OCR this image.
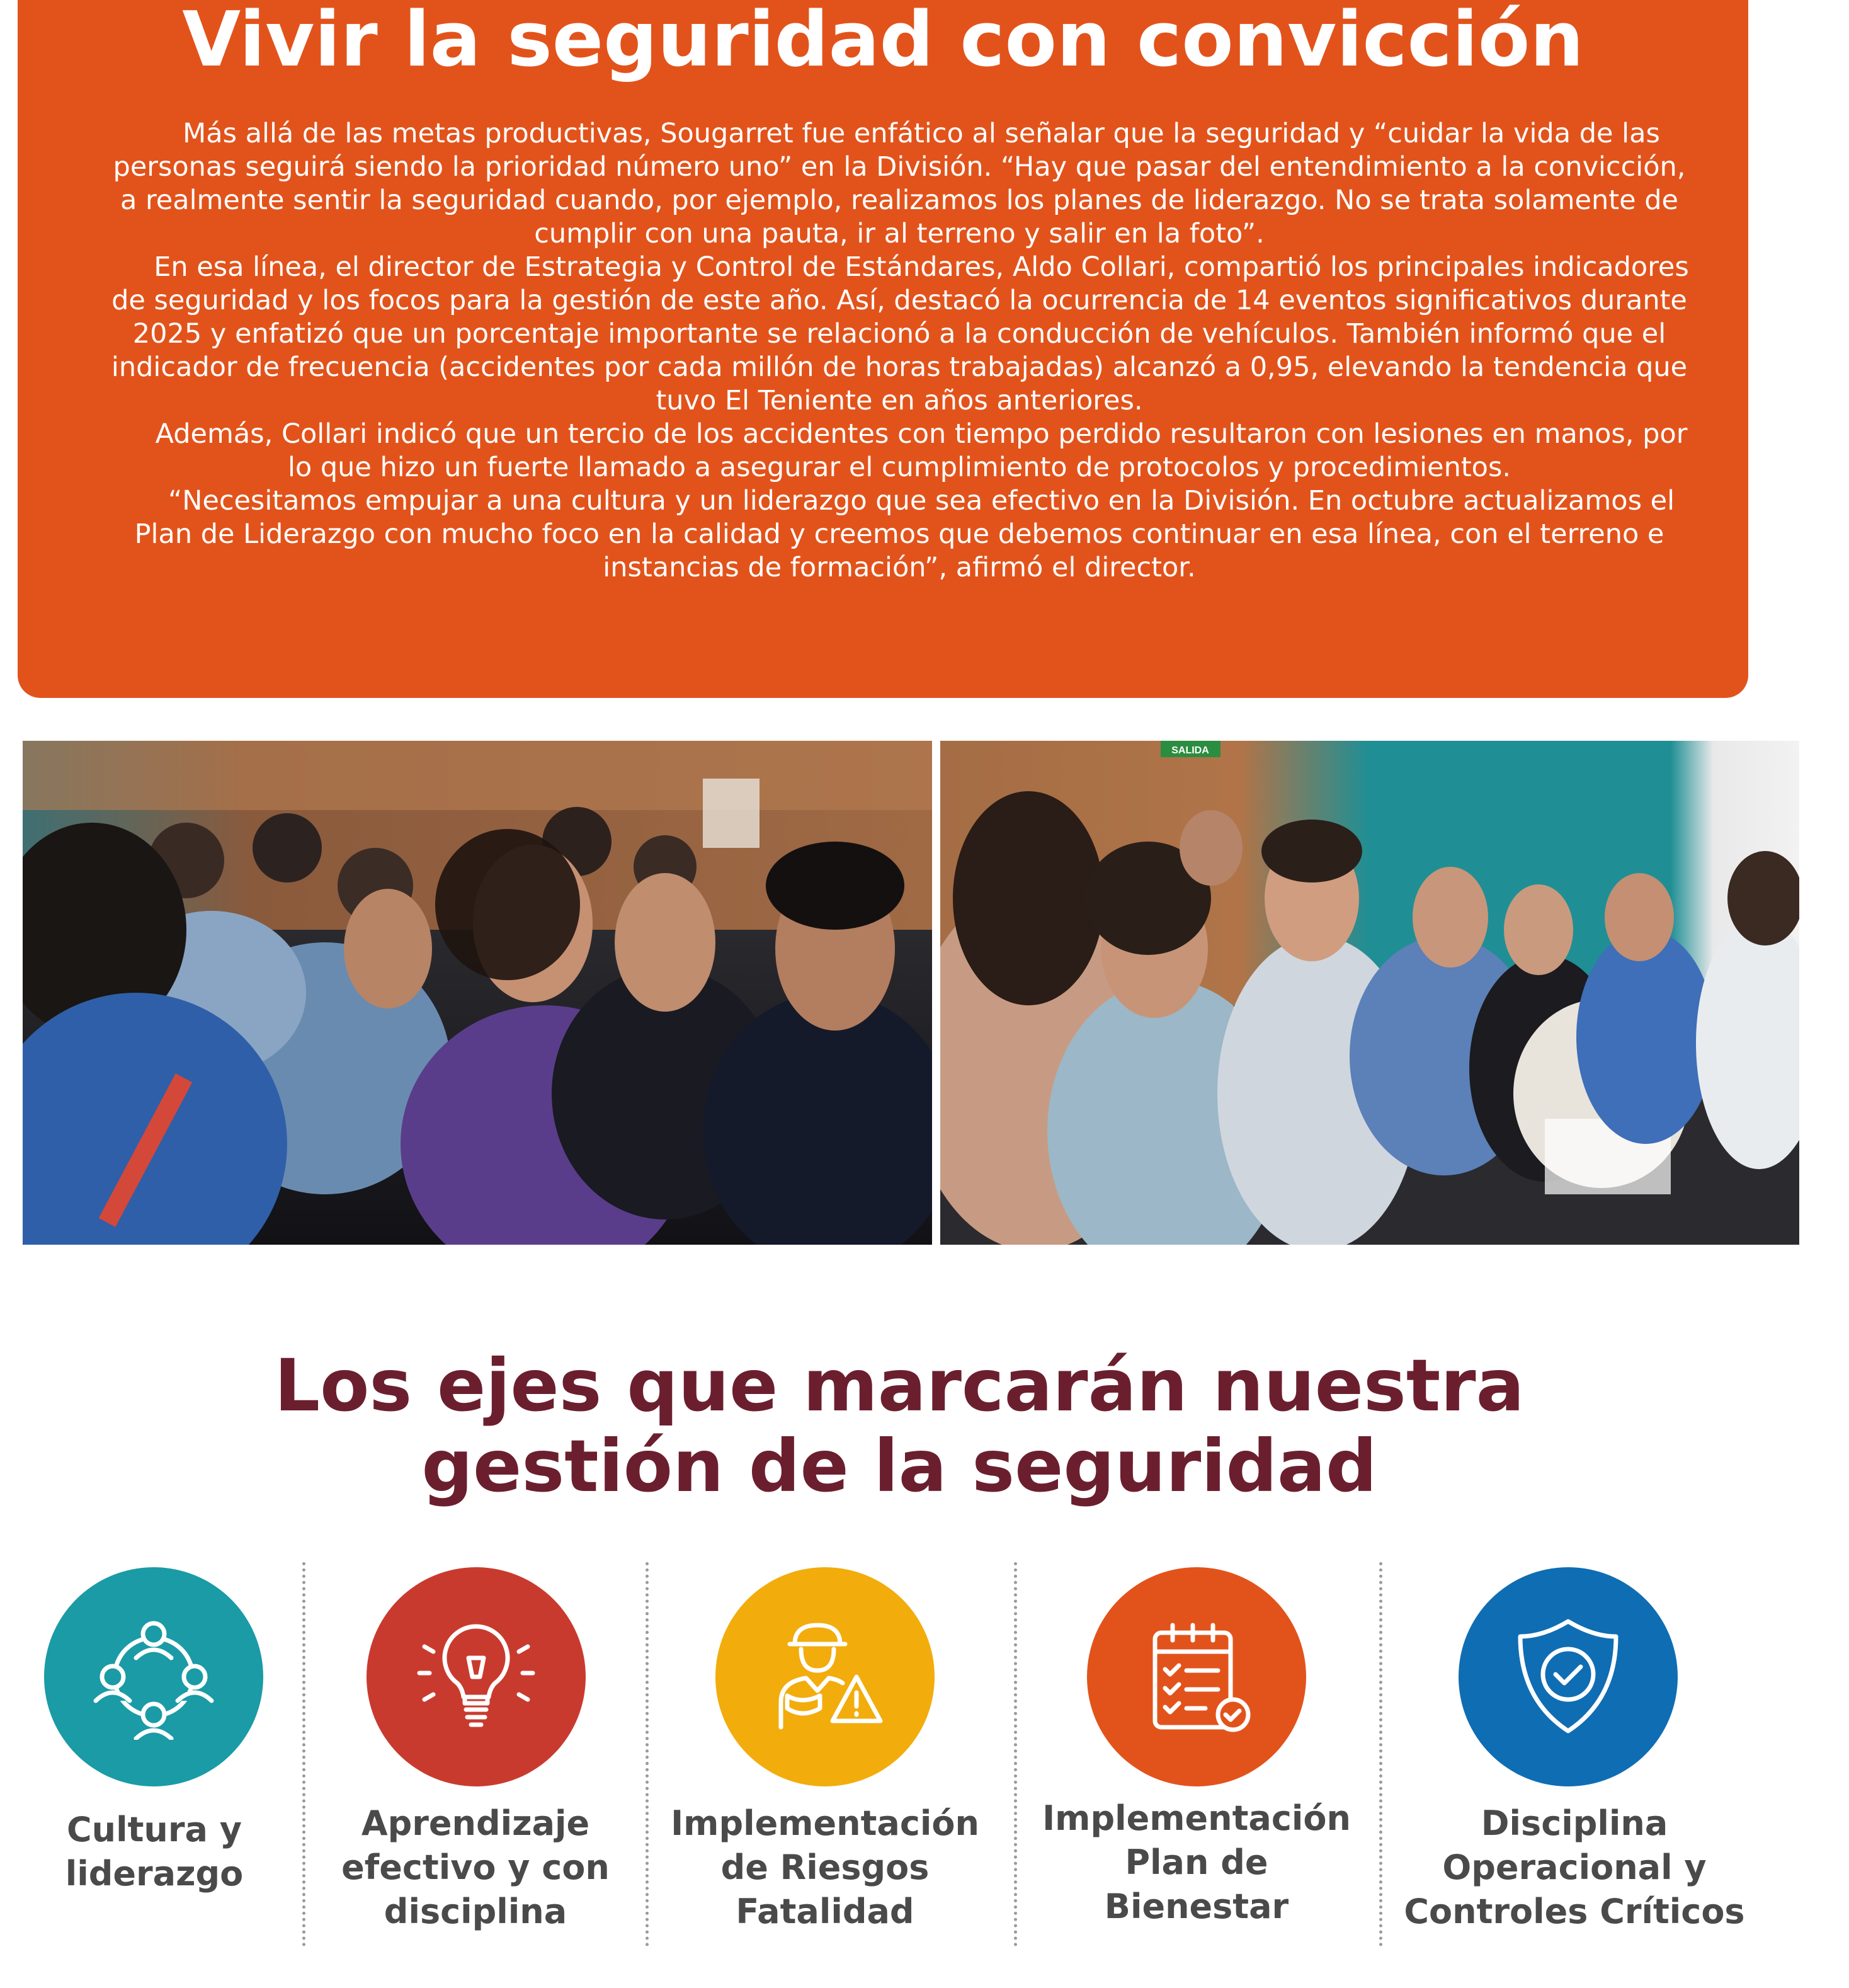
Vivir la seguridad con convicción

Más allá de las metas productivas, Sougarret fue enfático al señalar que la seguridad y “cuidar la vida de las personas seguirá siendo la prioridad número uno” en la División. “Hay que pasar del entendimiento a la convicción, a realmente sentir la seguridad cuando, por ejemplo, realizamos los planes de liderazgo. No se trata solamente de cumplir con una pauta, ir al terreno y salir en la foto”.

En esa línea, el director de Estrategia y Control de Estándares, Aldo Collari, compartió los principales indicadores de seguridad y los focos para la gestión de este año. Así, destacó la ocurrencia de 14 eventos significativos durante 2025 y enfatizó que un porcentaje importante se relacionó a la conducción de vehículos. También informó que el indicador de frecuencia (accidentes por cada millón de horas trabajadas) alcanzó a 0,95, elevando la tendencia que tuvo El Teniente en años anteriores.

Además, Collari indicó que un tercio de los accidentes con tiempo perdido resultaron con lesiones en manos, por lo que hizo un fuerte llamado a asegurar el cumplimiento de protocolos y procedimientos.

“Necesitamos empujar a una cultura y un liderazgo que sea efectivo en la División. En octubre actualizamos el Plan de Liderazgo con mucho foco en la calidad y creemos que debemos continuar en esa línea, con el terreno e instancias de formación”, afirmó el director.

SALIDA
Los ejes que marcarán nuestra
gestión de la seguridad
Cultura y
liderazgo
Aprendizaje
efectivo y con
disciplina
Implementación
de Riesgos
Fatalidad
Implementación
Plan de
Bienestar
Disciplina
Operacional y
Controles Críticos
